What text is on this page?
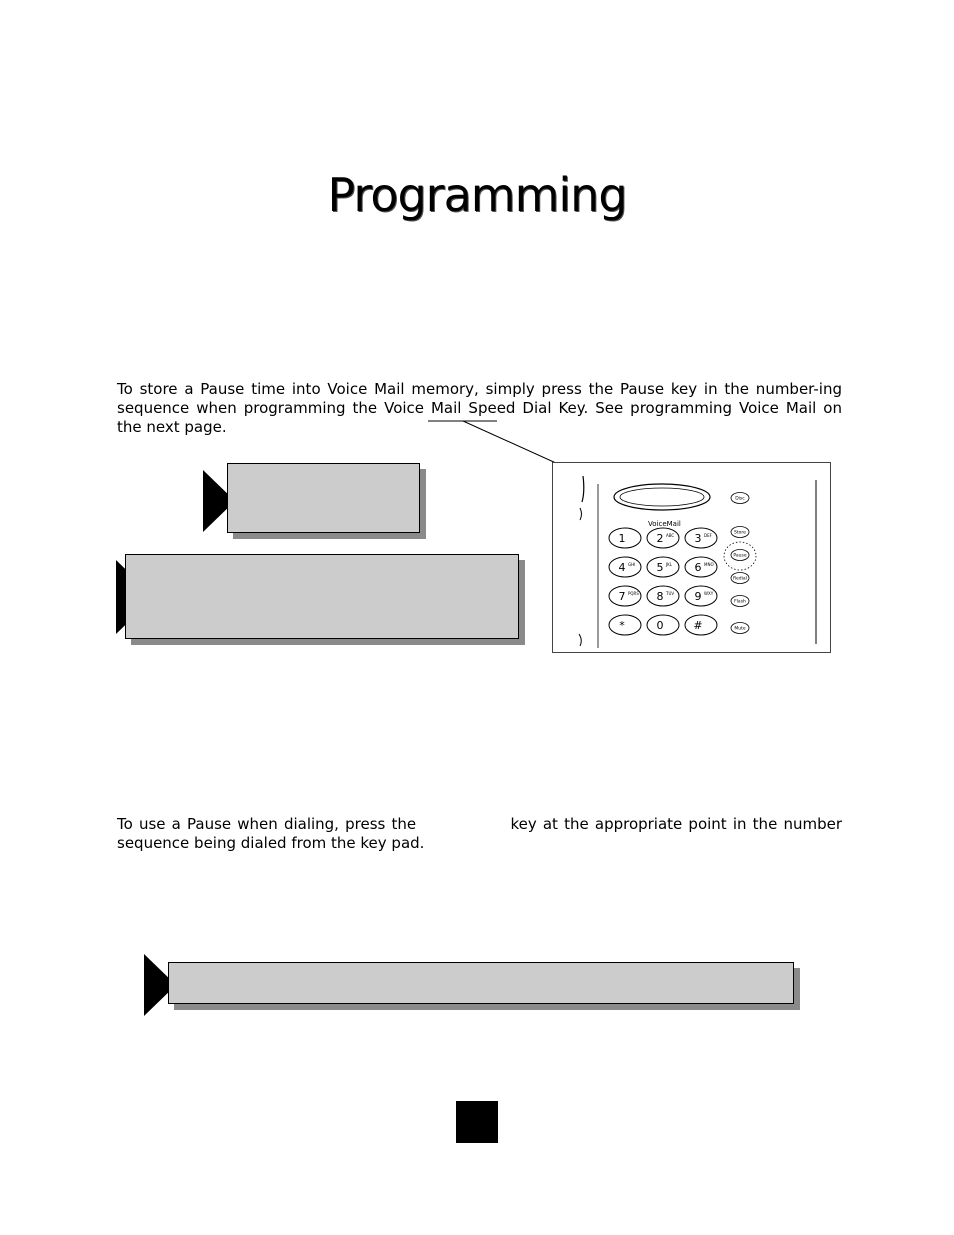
Programming
To store a Pause time into Voice Mail memory, simply press the Pause key in the number-ing sequence when programming the Voice Mail Speed Dial Key. See programming Voice Mail on the next page.
VoiceMail
1	2 ABC 3 DEF
4 GHI 5 JKL 6 MNO
7 PQRS 8 TUV 9 WXY
*	0	#
Disc
Store
Pause
Redial
Flash
Mute
To use a Pause when dialing, press the	key at the appropriate point in the number sequence being dialed from the key pad.
